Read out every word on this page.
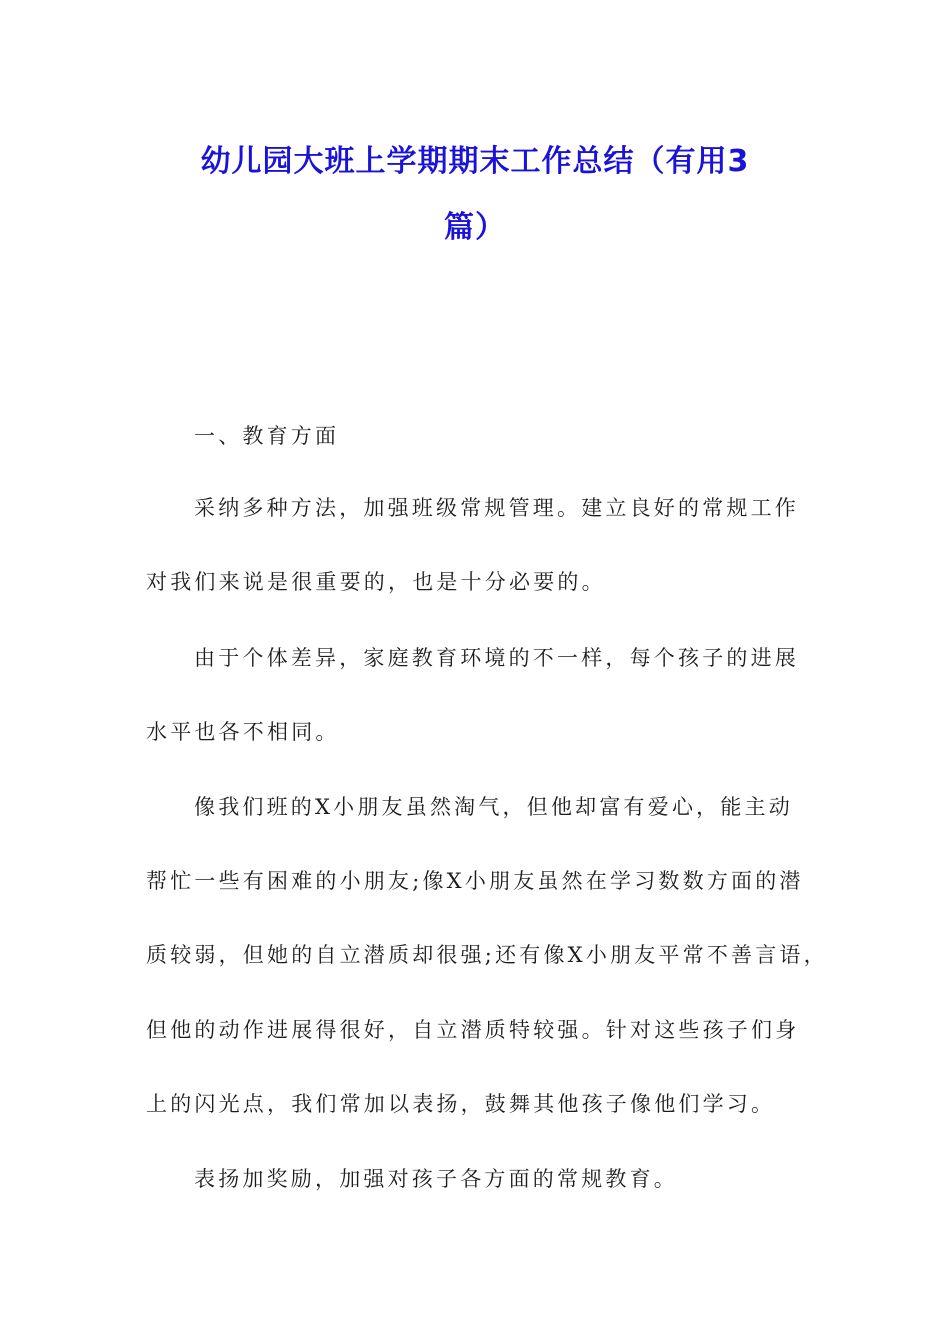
幼儿园大班上学期期末工作总结（有用3
篇）
一、教育方面
采纳多种方法，加强班级常规管理。建立良好的常规工作
对我们来说是很重要的，也是十分必要的。
由于个体差异，家庭教育环境的不一样，每个孩子的进展
水平也各不相同。
像我们班的X小朋友虽然淘气，但他却富有爱心，能主动
帮忙一些有困难的小朋友;像X小朋友虽然在学习数数方面的潜
质较弱，但她的自立潜质却很强;还有像X小朋友平常不善言语，
但他的动作进展得很好，自立潜质特较强。针对这些孩子们身
上的闪光点，我们常加以表扬，鼓舞其他孩子像他们学习。
表扬加奖励，加强对孩子各方面的常规教育。
